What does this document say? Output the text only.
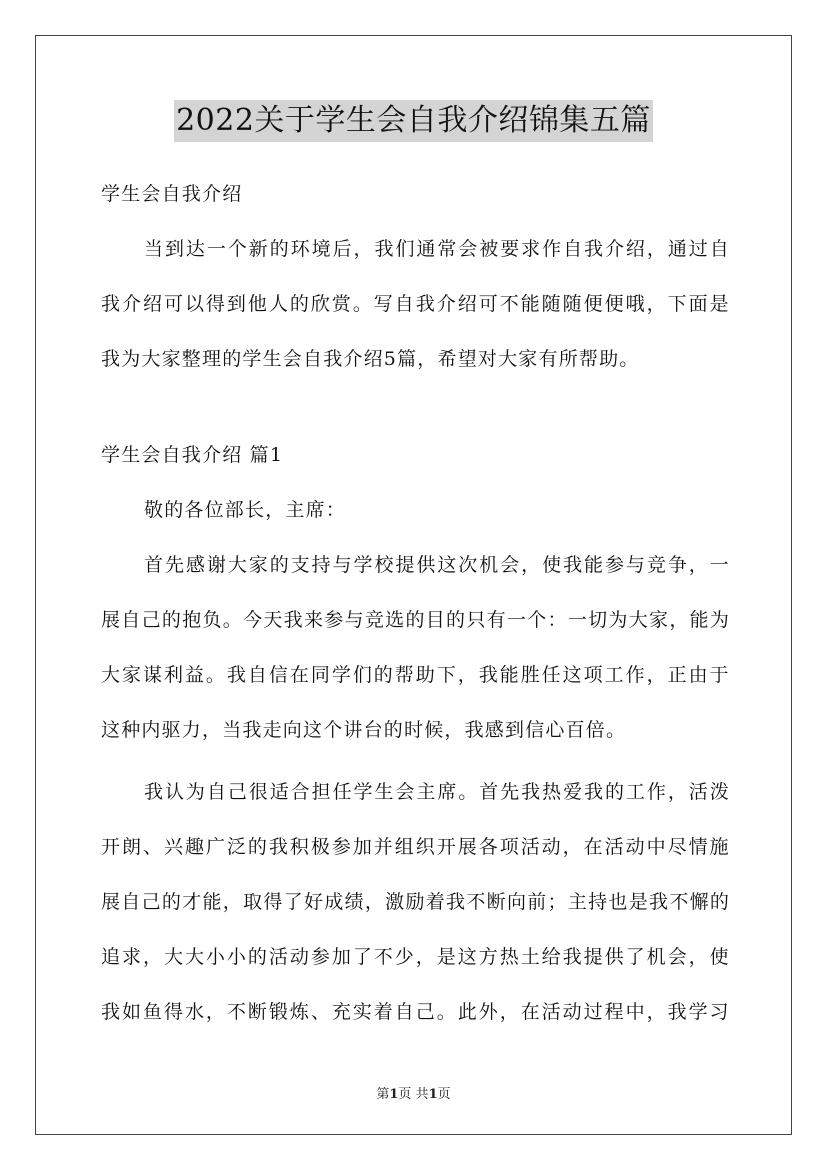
2022关于学生会自我介绍锦集五篇
学生会自我介绍
当 到 达 一 个 新 的 环 境 后 ， 我 们 通 常 会 被 要 求 作 自 我 介 绍 ， 通 过 自
我 介 绍 可 以 得 到 他 人 的 欣 赏 。 写 自 我 介 绍 可 不 能 随 随 便 便 哦 ， 下 面 是
我为大家整理的学生会自我介绍5篇，希望对大家有所帮助。
学生会自我介绍 篇1
敬的各位部长，主席：
首 先 感 谢 大 家 的 支 持 与 学 校 提 供 这 次 机 会 ， 使 我 能 参 与 竞 争 ， 一
展 自 己 的 抱 负 。 今 天 我 来 参 与 竞 选 的 目 的 只 有 一 个 ： 一 切 为 大 家 ， 能 为
大 家 谋 利 益 。 我 自 信 在 同 学 们 的 帮 助 下 ， 我 能 胜 任 这 项 工 作 ， 正 由 于
这种内驱力，当我走向这个讲台的时候，我感到信心百倍。
我 认 为 自 己 很 适 合 担 任 学 生 会 主 席 。 首 先 我 热 爱 我 的 工 作 ， 活 泼
开 朗 、 兴 趣 广 泛 的 我 积 极 参 加 并 组 织 开 展 各 项 活 动 ， 在 活 动 中 尽 情 施
展 自 己 的 才 能 ， 取 得 了 好 成 绩 ， 激 励 着 我 不 断 向 前 ； 主 持 也 是 我 不 懈 的
追 求 ， 大 大 小 小 的 活 动 参 加 了 不 少 ， 是 这 方 热 土 给 我 提 供 了 机 会 ， 使
我 如 鱼 得 水 ， 不 断 锻 炼 、 充 实 着 自 己 。 此 外 ， 在 活 动 过 程 中 ， 我 学 习
第1页 共1页
